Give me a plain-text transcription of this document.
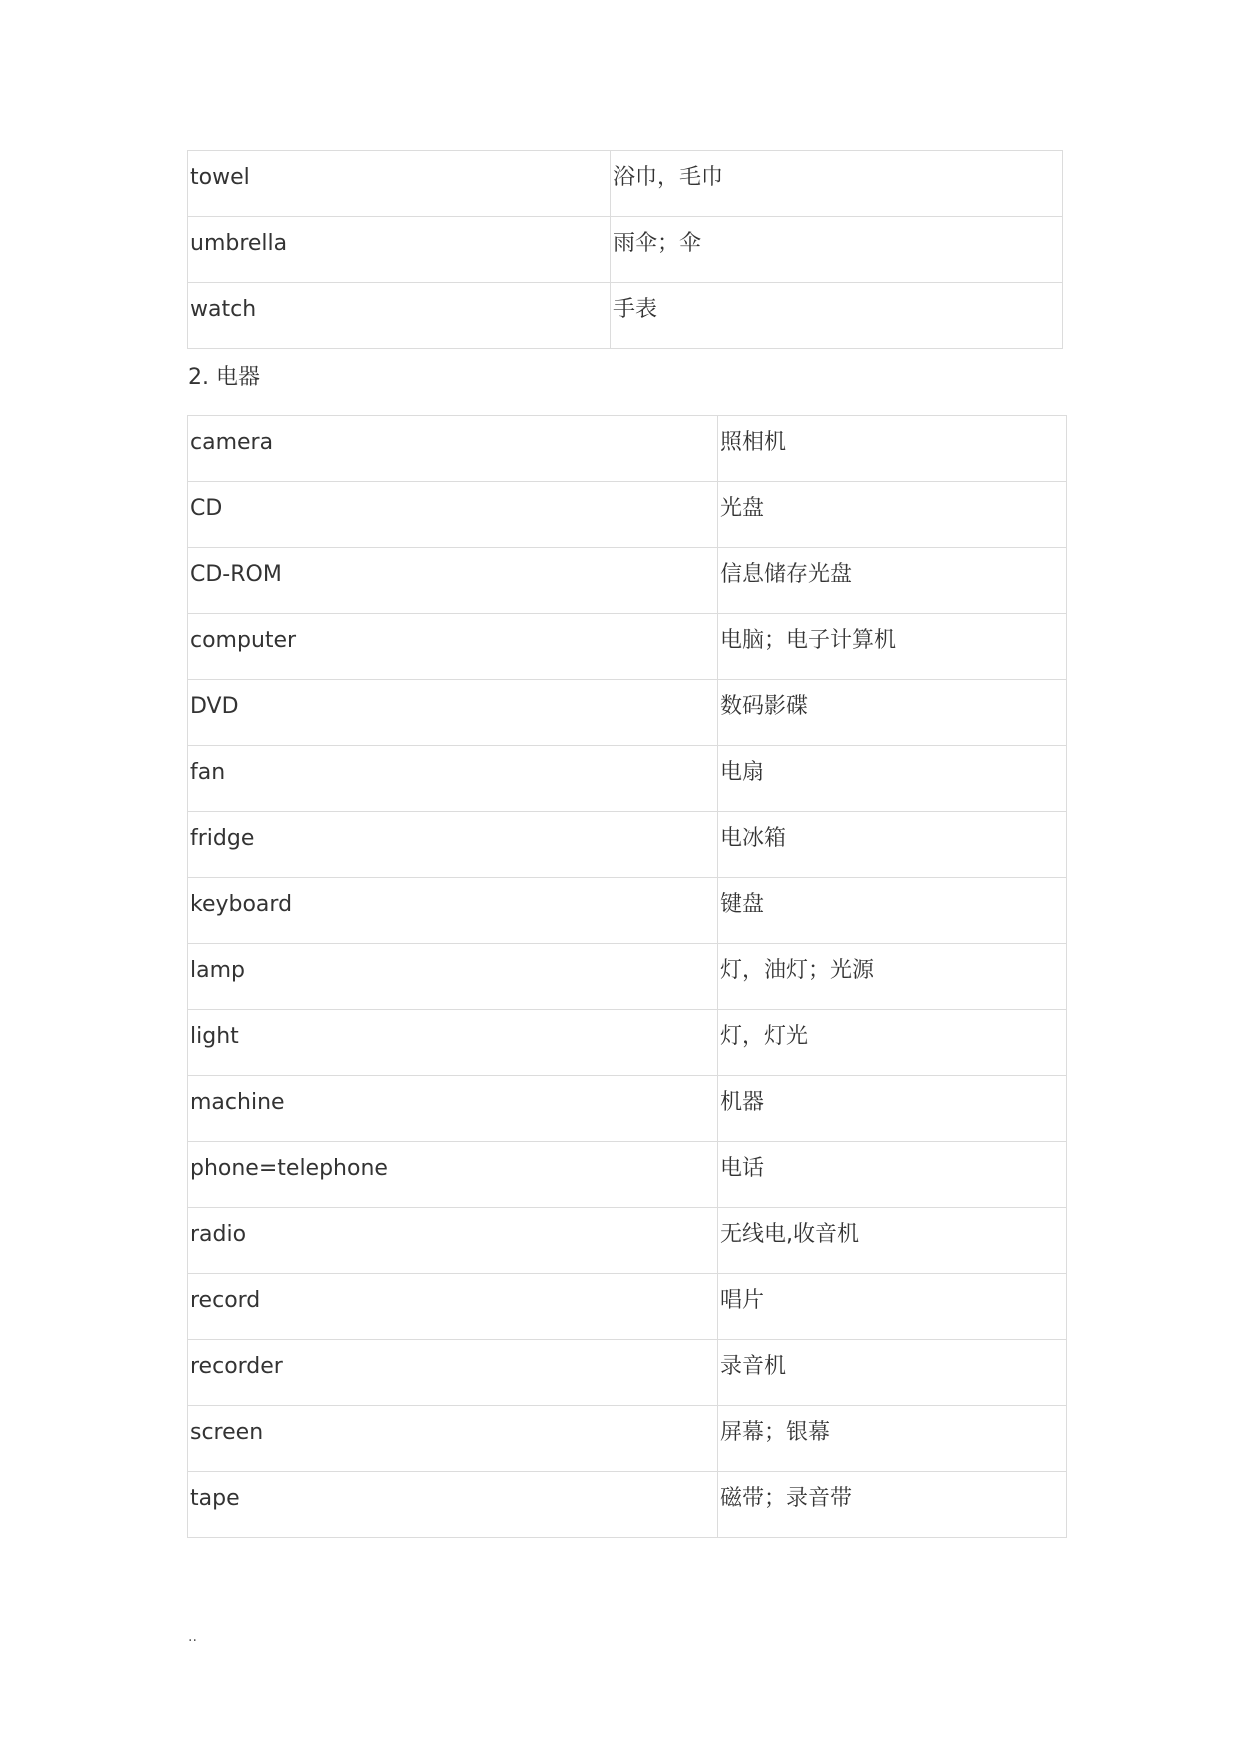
towel	浴巾，毛巾

umbrella	雨伞；伞

watch	手表
2. 电器
camera	照相机

CD	光盘

CD-ROM	信息储存光盘

computer	电脑；电子计算机

DVD	数码影碟

fan	电扇

fridge	电冰箱

keyboard	键盘

lamp	灯，油灯；光源

light	灯，灯光

machine	机器

phone=telephone	电话

radio	无线电,收音机

record	唱片

recorder	录音机

screen	屏幕；银幕

tape	磁带；录音带
..
